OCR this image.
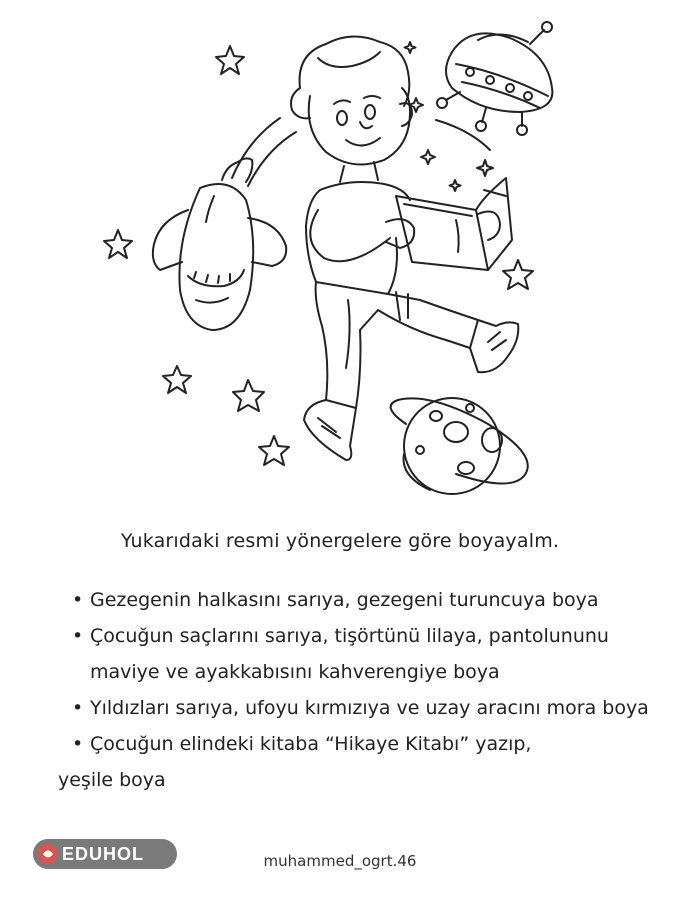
Yukarıdaki resmi yönergelere göre boyayalm.
• Gezegenin halkasını sarıya, gezegeni turuncuya boya
• Çocuğun saçlarını sarıya, tişörtünü lilaya, pantolununu maviye ve ayakkabısını kahverengiye boya
• Yıldızları sarıya, ufoyu kırmızıya ve uzay aracını mora boya
• Çocuğun elindeki kitaba “Hikaye Kitabı” yazıp,
yeşile boya
EDUHOL	muhammed_ogrt.46
